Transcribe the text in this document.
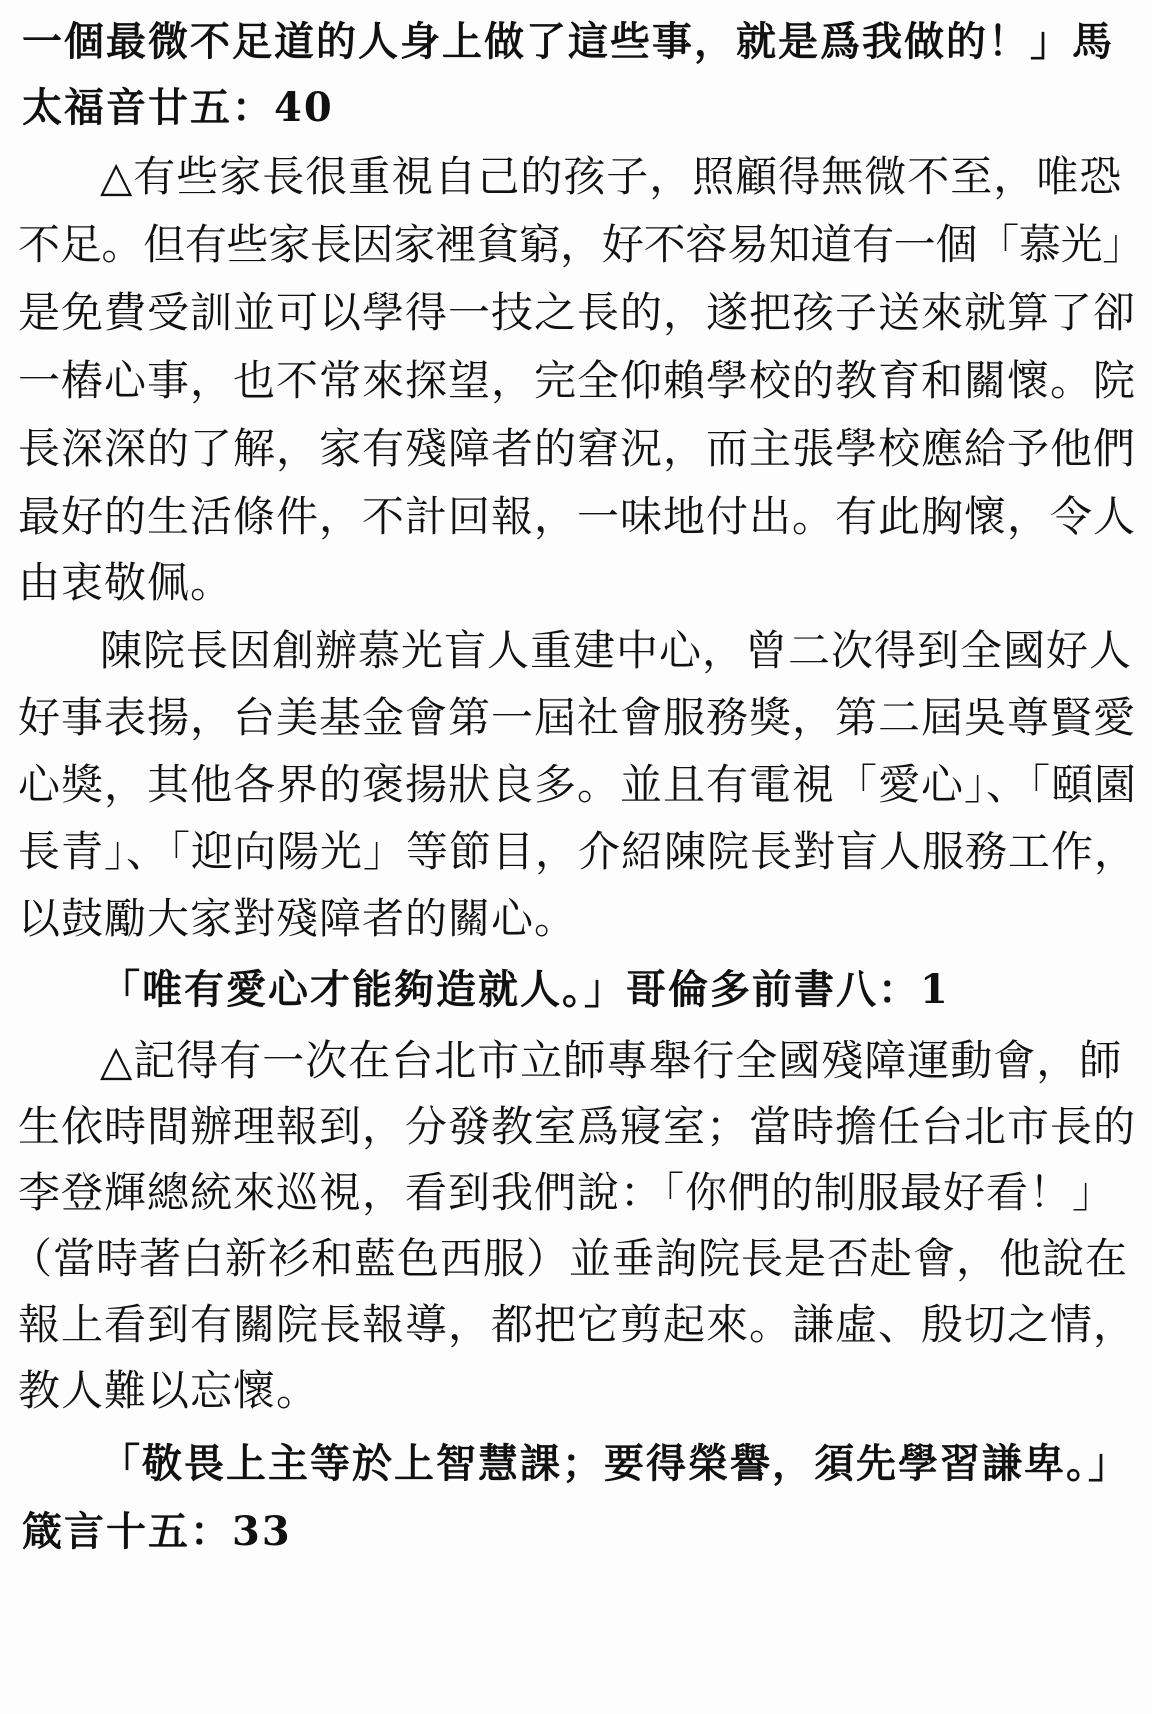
一個最微不足道的人身上做了這些事，就是爲我做的！」馬
太福音廿五：40
△有些家長很重視自己的孩子，照顧得無微不至，唯恐
不足。但有些家長因家裡貧窮，好不容易知道有一個「慕光」
是免費受訓並可以學得一技之長的，遂把孩子送來就算了卻
一樁心事，也不常來探望，完全仰賴學校的教育和關懷。院
長深深的了解，家有殘障者的窘況，而主張學校應給予他們
最好的生活條件，不計回報，一味地付出。有此胸懷，令人
由衷敬佩。
陳院長因創辦慕光盲人重建中心，曾二次得到全國好人
好事表揚，台美基金會第一屆社會服務獎，第二屆吳尊賢愛
心獎，其他各界的褒揚狀良多。並且有電視「愛心」、「頤園
長青」、「迎向陽光」等節目，介紹陳院長對盲人服務工作，
以鼓勵大家對殘障者的關心。
「唯有愛心才能夠造就人。」哥倫多前書八：1
△記得有一次在台北市立師專舉行全國殘障運動會，師
生依時間辦理報到，分發教室爲寢室；當時擔任台北市長的
李登輝總統來巡視，看到我們說：「你們的制服最好看！」
（當時著白新衫和藍色西服）並垂詢院長是否赴會，他說在
報上看到有關院長報導，都把它剪起來。謙虛、殷切之情，
教人難以忘懷。
「敬畏上主等於上智慧課；要得榮譽，須先學習謙卑。」
箴言十五：33
